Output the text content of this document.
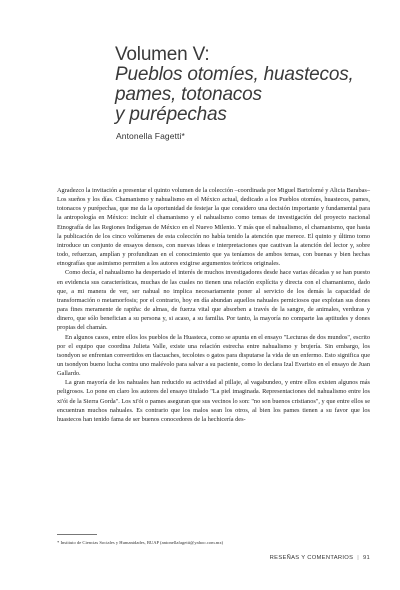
Volumen V:
Pueblos otomíes, huastecos,
pames, totonacos
y purépechas
Antonella Fagetti*

Agradezco la invitación a presentar el quinto volumen de la colección –coordinada por Miguel Bartolomé y Alicia Barabas– Los sueños y los días. Chamanismo y nahualismo en el México actual, dedicado a los Pueblos otomíes, huastecos, pames, totonacos y purépechas, que me da la oportunidad de festejar la que considero una decisión importante y fundamental para la antropología en México: incluir el chamanismo y el nahualismo como temas de investigación del proyecto nacional Etnografía de las Regiones Indígenas de México en el Nuevo Milenio. Y más que el nahualismo, el chamanismo, que hasta la publicación de los cinco volúmenes de esta colección no había tenido la atención que merece. El quinto y último tomo introduce un conjunto de ensayos densos, con nuevas ideas e interpretaciones que cautivan la atención del lector y, sobre todo, refuerzan, amplían y profundizan en el conocimiento que ya teníamos de ambos temas, con buenas y bien hechas etnografías que asimismo permiten a los autores exigirse argumentos teóricos originales.

Como decía, el nahualismo ha despertado el interés de muchos investigadores desde hace varias décadas y se han puesto en evidencia sus características, muchas de las cuales no tienen una relación explícita y directa con el chamanismo, dado que, a mi manera de ver, ser nahual no implica necesariamente poner al servicio de los demás la capacidad de transformación o metamorfosis; por el contrario, hoy en día abundan aquellos nahuales perniciosos que explotan sus dones para fines meramente de rapiña: de almas, de fuerza vital que absorben a través de la sangre, de animales, verduras y dinero, que sólo benefician a su persona y, si acaso, a su familia. Por tanto, la mayoría no comparte las aptitudes y dones propias del chamán.

En algunos casos, entre ellos los pueblos de la Huasteca, como se apunta en el ensayo "Lecturas de dos mundos", escrito por el equipo que coordina Julieta Valle, existe una relación estrecha entre nahualismo y brujería. Sin embargo, los tsondyon se enfrentan convertidos en tlacuaches, tecolotes o gatos para disputarse la vida de un enfermo. Esto significa que un tsondyon bueno lucha contra uno malévolo para salvar a su paciente, como lo declara Izal Evaristo en el ensayo de Juan Gallardo.

La gran mayoría de los nahuales han reducido su actividad al pillaje, al vagabundeo, y entre ellos existen algunos más peligrosos. Lo pone en claro los autores del ensayo titulado "La piel imaginada. Representaciones del nahualismo entre los xi'ói de la Sierra Gorda". Los xi'ói o pames aseguran que sus vecinos lo son: "no son buenos cristianos", y que entre ellos se encuentran muchos nahuales. Es contrario que los malos sean los otros, al bien los pames tienen a su favor que los huastecos han tenido fama de ser buenos conocedores de la hechicería des-

* Instituto de Ciencias Sociales y Humanidades, BUAP (antonellafagetti@yahoo.com.mx)
RESEÑAS Y COMENTARIOS | 91
